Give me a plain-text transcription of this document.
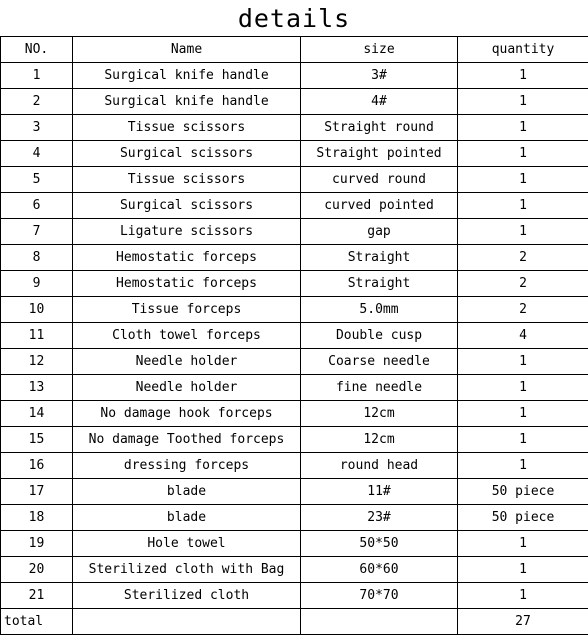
details
NO.	Name	size	quantity
1	Surgical knife handle	3#	1
2	Surgical knife handle	4#	1
3	Tissue scissors	Straight round	1
4	Surgical scissors	Straight pointed	1
5	Tissue scissors	curved round	1
6	Surgical scissors	curved pointed	1
7	Ligature scissors	gap	1
8	Hemostatic forceps	Straight	2
9	Hemostatic forceps	Straight	2
10	Tissue forceps	5.0mm	2
11	Cloth towel forceps	Double cusp	4
12	Needle holder	Coarse needle	1
13	Needle holder	fine needle	1
14	No damage hook forceps	12cm	1
15	No damage Toothed forceps	12cm	1
16	dressing forceps	round head	1
17	blade	11#	50 piece
18	blade	23#	50 piece
19	Hole towel	50*50	1
20	Sterilized cloth with Bag	60*60	1
21	Sterilized cloth	70*70	1
total			27
